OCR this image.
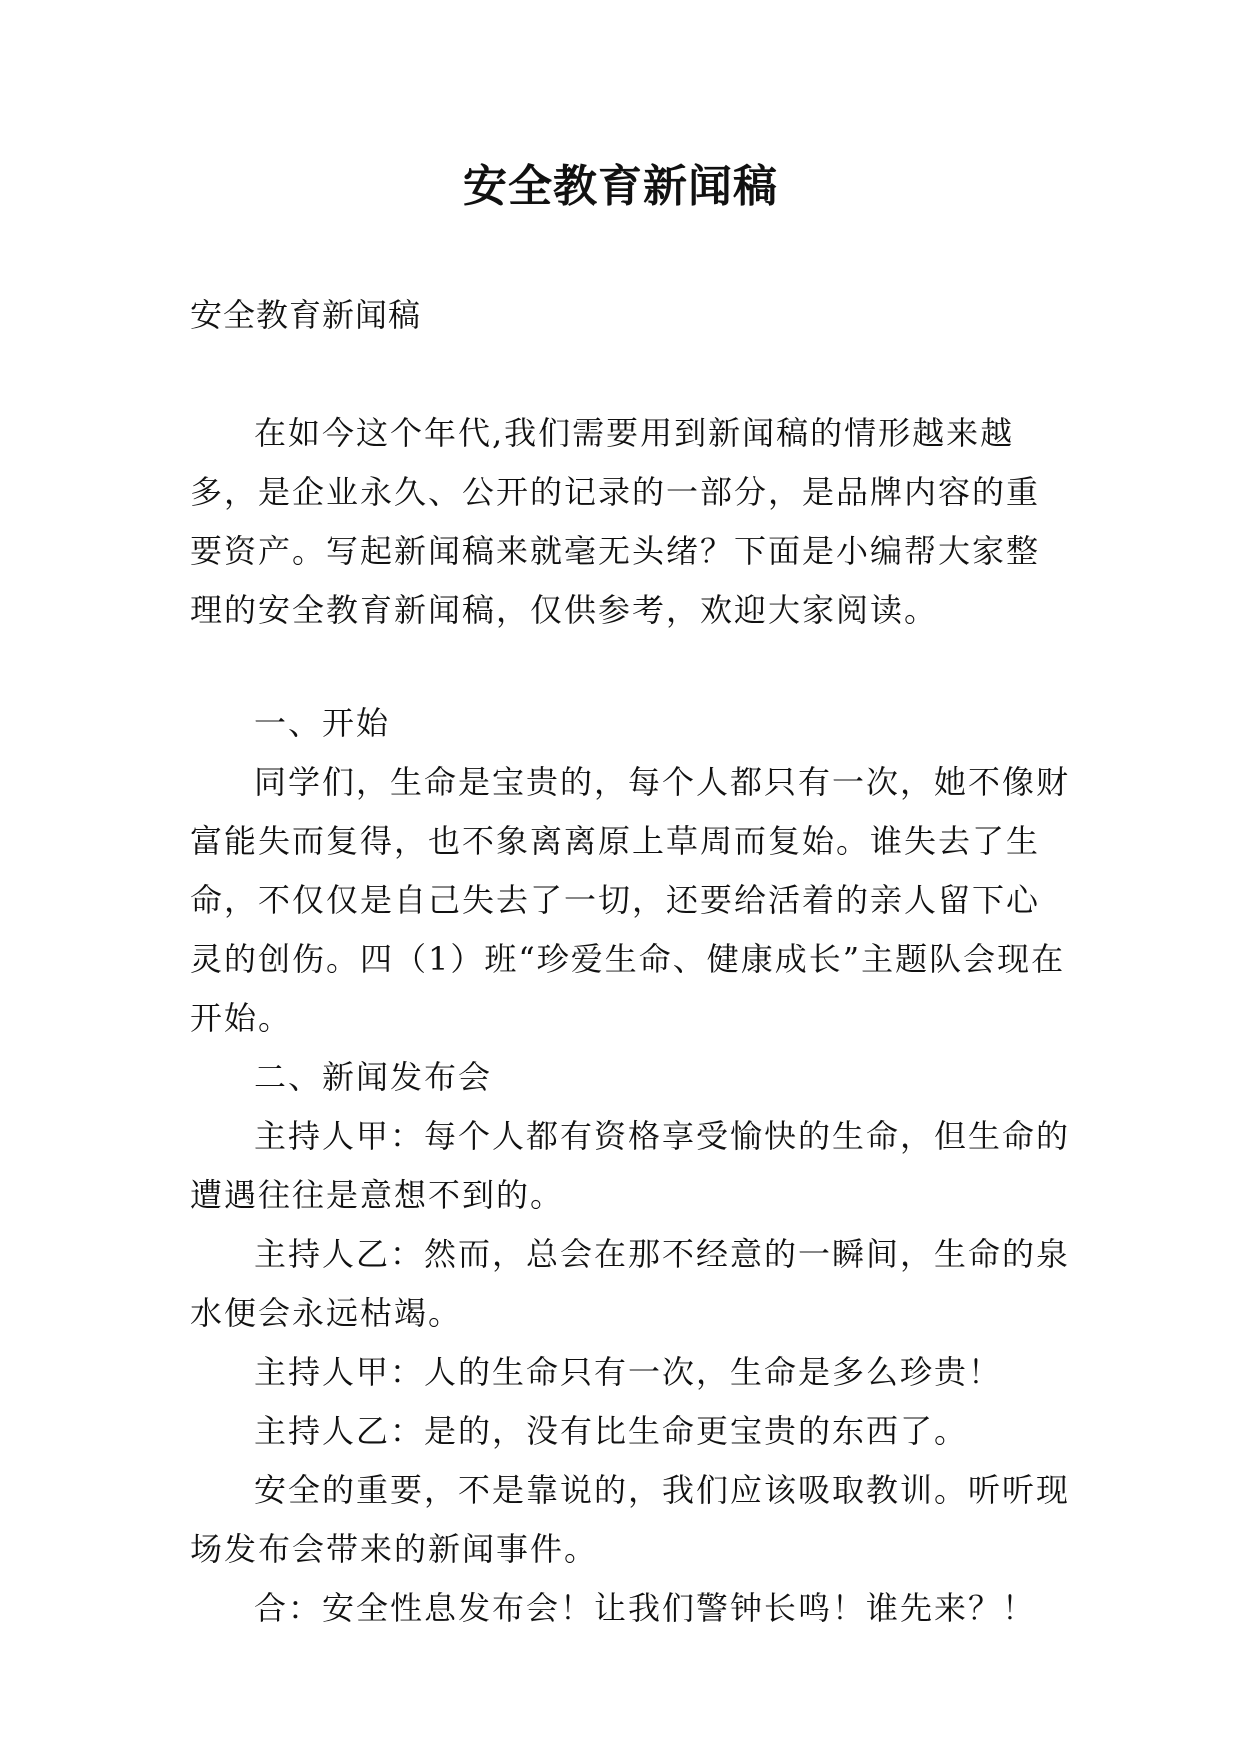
安全教育新闻稿
安全教育新闻稿

在如今这个年代,我们需要用到新闻稿的情形越来越多，是企业永久、公开的记录的一部分，是品牌内容的重要资产。写起新闻稿来就毫无头绪？下面是小编帮大家整理的安全教育新闻稿，仅供参考，欢迎大家阅读。

一、开始

同学们，生命是宝贵的，每个人都只有一次，她不像财富能失而复得，也不象离离原上草周而复始。谁失去了生命，不仅仅是自己失去了一切，还要给活着的亲人留下心灵的创伤。四（1）班“珍爱生命、健康成长”主题队会现在开始。

二、新闻发布会

主持人甲：每个人都有资格享受愉快的生命，但生命的遭遇往往是意想不到的。

主持人乙：然而，总会在那不经意的一瞬间，生命的泉水便会永远枯竭。

主持人甲：人的生命只有一次，生命是多么珍贵！

主持人乙：是的，没有比生命更宝贵的东西了。

安全的重要，不是靠说的，我们应该吸取教训。听听现场发布会带来的新闻事件。

合：安全性息发布会！让我们警钟长鸣！谁先来？！
